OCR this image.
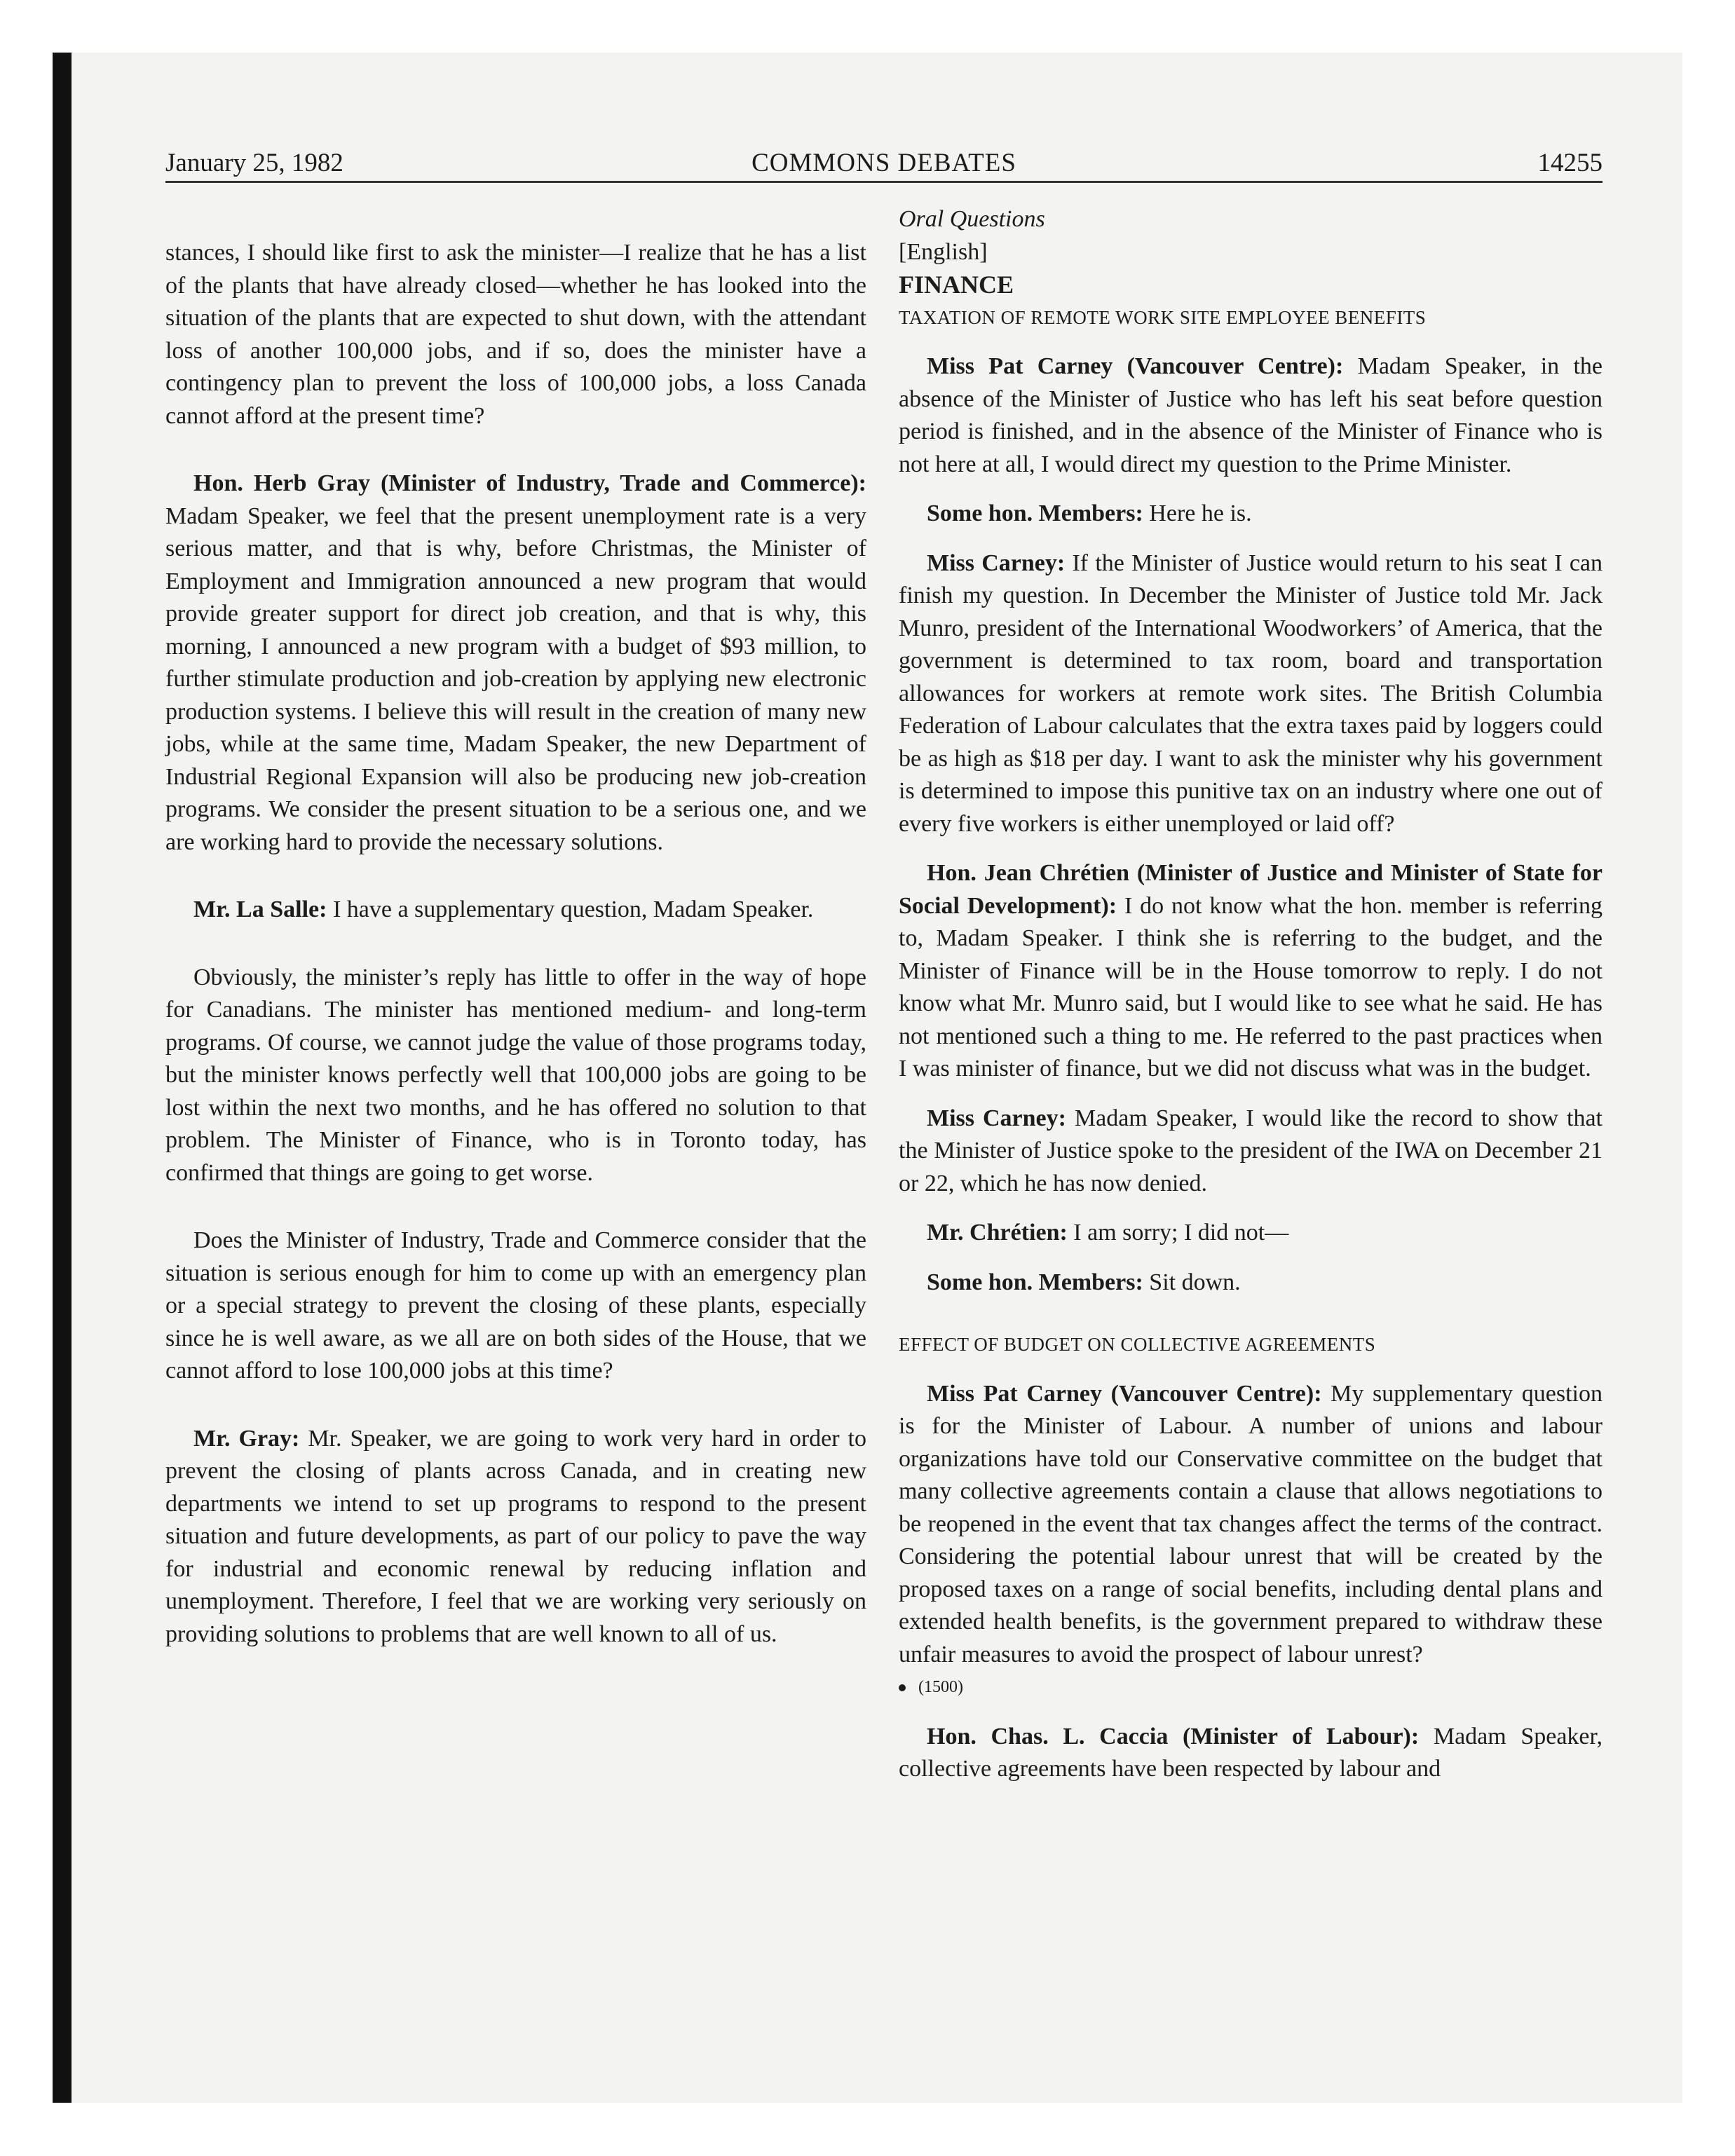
January 25, 1982	COMMONS DEBATES	14255

stances, I should like first to ask the minister—I realize that he has a list of the plants that have already closed—whether he has looked into the situation of the plants that are expected to shut down, with the attendant loss of another 100,000 jobs, and if so, does the minister have a contingency plan to prevent the loss of 100,000 jobs, a loss Canada cannot afford at the present time?

Hon. Herb Gray (Minister of Industry, Trade and Commerce): Madam Speaker, we feel that the present unemployment rate is a very serious matter, and that is why, before Christmas, the Minister of Employment and Immigration announced a new program that would provide greater support for direct job creation, and that is why, this morning, I announced a new program with a budget of $93 million, to further stimulate production and job-creation by applying new electronic production systems. I believe this will result in the creation of many new jobs, while at the same time, Madam Speaker, the new Department of Industrial Regional Expansion will also be producing new job-creation programs. We consider the present situation to be a serious one, and we are working hard to provide the necessary solutions.

Mr. La Salle: I have a supplementary question, Madam Speaker.

Obviously, the minister’s reply has little to offer in the way of hope for Canadians. The minister has mentioned medium- and long-term programs. Of course, we cannot judge the value of those programs today, but the minister knows perfectly well that 100,000 jobs are going to be lost within the next two months, and he has offered no solution to that problem. The Minister of Finance, who is in Toronto today, has confirmed that things are going to get worse.

Does the Minister of Industry, Trade and Commerce consider that the situation is serious enough for him to come up with an emergency plan or a special strategy to prevent the closing of these plants, especially since he is well aware, as we all are on both sides of the House, that we cannot afford to lose 100,000 jobs at this time?

Mr. Gray: Mr. Speaker, we are going to work very hard in order to prevent the closing of plants across Canada, and in creating new departments we intend to set up programs to respond to the present situation and future developments, as part of our policy to pave the way for industrial and economic renewal by reducing inflation and unemployment. Therefore, I feel that we are working very seriously on providing solutions to problems that are well known to all of us.

Oral Questions

[English]

FINANCE

TAXATION OF REMOTE WORK SITE EMPLOYEE BENEFITS

Miss Pat Carney (Vancouver Centre): Madam Speaker, in the absence of the Minister of Justice who has left his seat before question period is finished, and in the absence of the Minister of Finance who is not here at all, I would direct my question to the Prime Minister.

Some hon. Members: Here he is.

Miss Carney: If the Minister of Justice would return to his seat I can finish my question. In December the Minister of Justice told Mr. Jack Munro, president of the International Woodworkers’ of America, that the government is determined to tax room, board and transportation allowances for workers at remote work sites. The British Columbia Federation of Labour calculates that the extra taxes paid by loggers could be as high as $18 per day. I want to ask the minister why his government is determined to impose this punitive tax on an industry where one out of every five workers is either unemployed or laid off?

Hon. Jean Chrétien (Minister of Justice and Minister of State for Social Development): I do not know what the hon. member is referring to, Madam Speaker. I think she is referring to the budget, and the Minister of Finance will be in the House tomorrow to reply. I do not know what Mr. Munro said, but I would like to see what he said. He has not mentioned such a thing to me. He referred to the past practices when I was minister of finance, but we did not discuss what was in the budget.

Miss Carney: Madam Speaker, I would like the record to show that the Minister of Justice spoke to the president of the IWA on December 21 or 22, which he has now denied.

Mr. Chrétien: I am sorry; I did not—

Some hon. Members: Sit down.

EFFECT OF BUDGET ON COLLECTIVE AGREEMENTS

Miss Pat Carney (Vancouver Centre): My supplementary question is for the Minister of Labour. A number of unions and labour organizations have told our Conservative committee on the budget that many collective agreements contain a clause that allows negotiations to be reopened in the event that tax changes affect the terms of the contract. Considering the potential labour unrest that will be created by the proposed taxes on a range of social benefits, including dental plans and extended health benefits, is the government prepared to withdraw these unfair measures to avoid the prospect of labour unrest?

(1500)

Hon. Chas. L. Caccia (Minister of Labour): Madam Speaker, collective agreements have been respected by labour and
